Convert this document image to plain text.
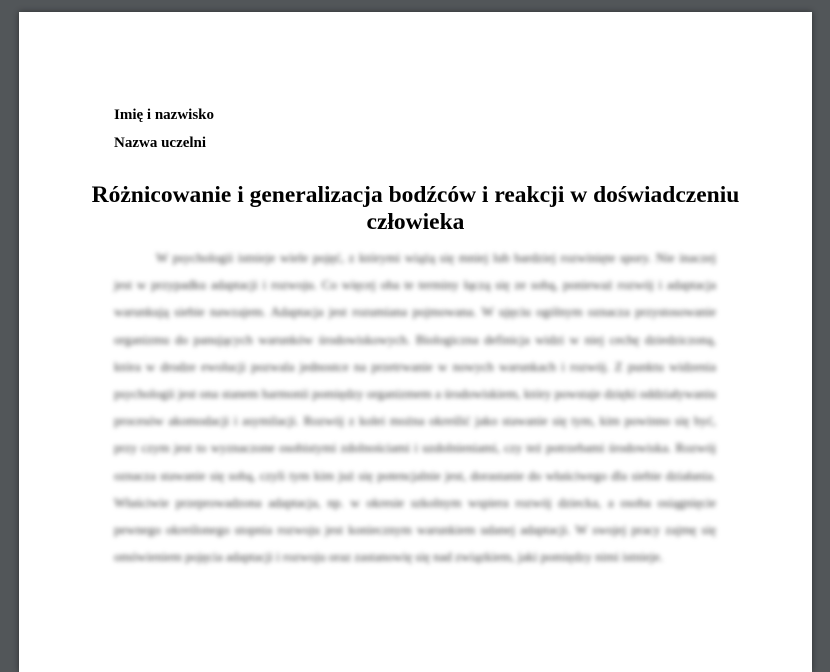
Imię i nazwisko
Nazwa uczelni
Różnicowanie i generalizacja bodźców i reakcji w doświadczeniu człowieka

W psychologii istnieje wiele pojęć, z którymi wiążą się mniej lub bardziej rozwinięte spory. Nie inaczej jest w przypadku adaptacji i rozwoju. Co więcej oba te terminy łączą się ze sobą, ponieważ rozwój i adaptacja warunkują siebie nawzajem. Adaptacja jest rozumiana pojmowana. W ujęciu ogólnym oznacza przystosowanie organizmu do panujących warunków środowiskowych. Biologiczna definicja widzi w niej cechę dziedziczoną, która w drodze ewolucji pozwala jednostce na przetrwanie w nowych warunkach i rozwój. Z punktu widzenia psychologii jest ona stanem harmonii pomiędzy organizmem a środowiskiem, który powstaje dzięki oddziaływaniu procesów akomodacji i asymilacji. Rozwój z kolei można określić jako stawanie się tym, kim powinno się być, przy czym jest to wyznaczone osobistymi zdolnościami i uzdolnieniami, czy też potrzebami środowiska. Rozwój oznacza stawanie się sobą, czyli tym kim już się potencjalnie jest, dorastanie do właściwego dla siebie działania. Właściwie przeprowadzona adaptacja, np. w okresie szkolnym wspiera rozwój dziecka, a osoba osiągnięcie pewnego określonego stopnia rozwoju jest koniecznym warunkiem udanej adaptacji. W swojej pracy zajmę się omówieniem pojęcia adaptacji i rozwoju oraz zastanowię się nad związkiem, jaki pomiędzy nimi istnieje.
